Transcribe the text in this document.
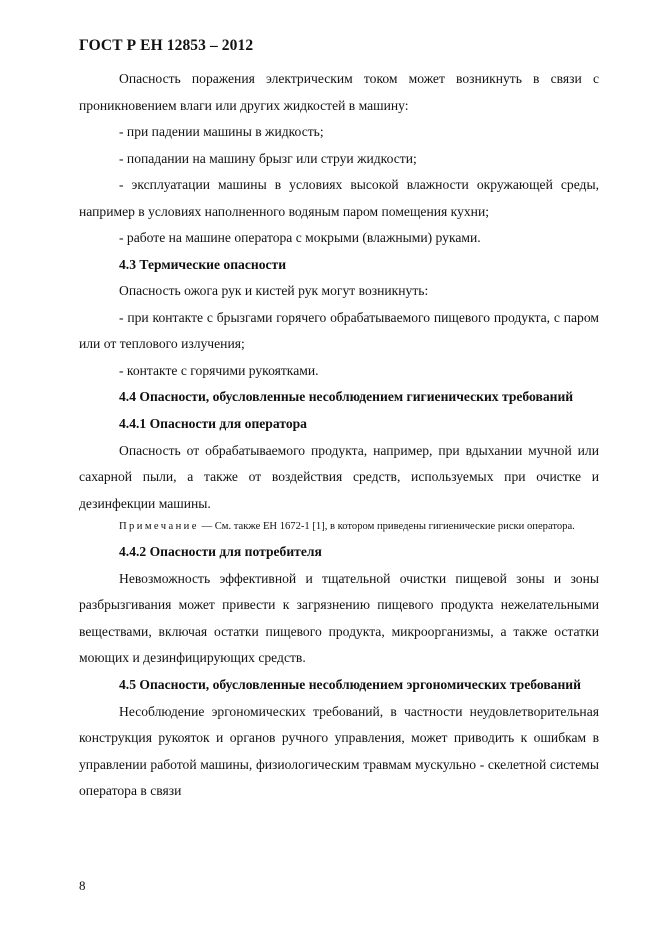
ГОСТ Р ЕН 12853 – 2012

Опасность поражения электрическим током может возникнуть в связи с проникновением влаги или других жидкостей в машину:

- при падении машины в жидкость;

- попадании на машину брызг или струи жидкости;

- эксплуатации машины в условиях высокой влажности окружающей среды, например в условиях наполненного водяным паром помещения кухни;

- работе на машине оператора с мокрыми (влажными) руками.

4.3 Термические опасности

Опасность ожога рук и кистей рук могут возникнуть:

- при контакте с брызгами горячего обрабатываемого пищевого продукта, с паром или от теплового излучения;

- контакте с горячими рукоятками.

4.4 Опасности, обусловленные несоблюдением гигиенических требований

4.4.1 Опасности для оператора

Опасность от обрабатываемого продукта, например, при вдыхании мучной или сахарной пыли, а также от воздействия средств, используемых при очистке и дезинфекции машины.

Примечание — См. также ЕН 1672-1 [1], в котором приведены гигиенические риски оператора.

4.4.2 Опасности для потребителя

Невозможность эффективной и тщательной очистки пищевой зоны и зоны разбрызгивания может привести к загрязнению пищевого продукта нежелательными веществами, включая остатки пищевого продукта, микроорганизмы, а также остатки моющих и дезинфицирующих средств.

4.5 Опасности, обусловленные несоблюдением эргономических требований

Несоблюдение эргономических требований, в частности неудовлетворительная конструкция рукояток и органов ручного управления, может приводить к ошибкам в управлении работой машины, физиологическим травмам мускульно - скелетной системы оператора в связи

8
